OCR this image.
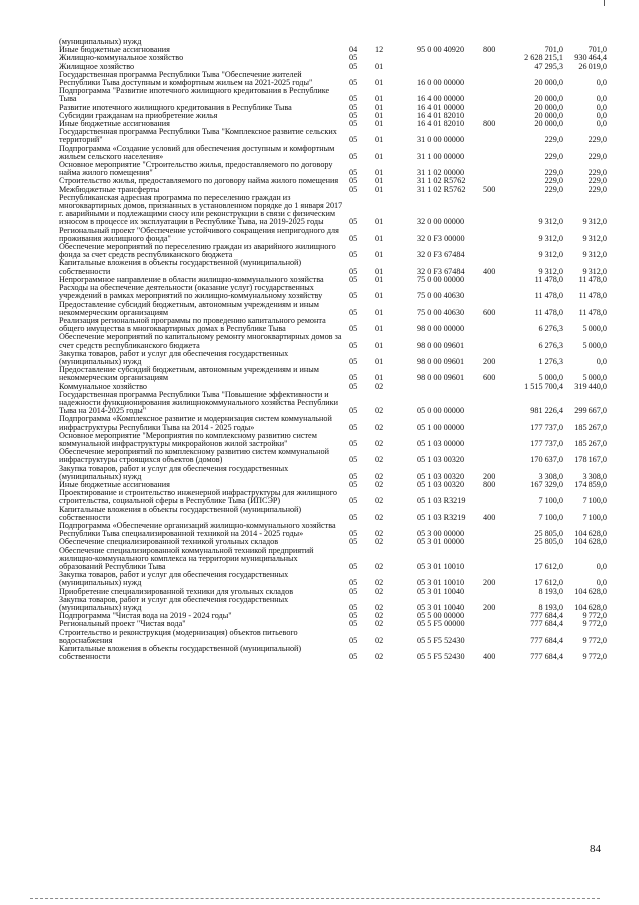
(муниципальных) нужд						
Иные бюджетные ассигнования	04	12	95 0 00 40920	800	701,0	701,0
Жилищно-коммунальное хозяйство	05				2 628 215,1	930 464,4
Жилищное хозяйство	05	01			47 295,3	26 019,0
Государственная программа Республики Тыва "Обеспечение жителей Республики Тыва доступным и комфортным жильем на 2021-2025 годы"	05	01	16 0 00 00000		20 000,0	0,0
Подпрограмма "Развитие ипотечного жилищного кредитования в Республике Тыва	05	01	16 4 00 00000		20 000,0	0,0
Развитие ипотечного жилищного кредитования в Республике Тыва	05	01	16 4 01 00000		20 000,0	0,0
Субсидии гражданам на приобретение жилья	05	01	16 4 01 82010		20 000,0	0,0
Иные бюджетные ассигнования	05	01	16 4 01 82010	800	20 000,0	0,0
Государственная программа Республики Тыва "Комплексное развитие сельских территорий"	05	01	31 0 00 00000		229,0	229,0
Подпрограмма «Создание условий для обеспечения доступным и комфортным жильем сельского населения»	05	01	31 1 00 00000		229,0	229,0
Основное мероприятие "Строительство жилья, предоставляемого по договору найма жилого помещения"	05	01	31 1 02 00000		229,0	229,0
Строительство жилья, предоставляемого по договору найма жилого помещения	05	01	31 1 02 R5762		229,0	229,0
Межбюджетные трансферты	05	01	31 1 02 R5762	500	229,0	229,0
Республиканская адресная программа по переселению граждан из многоквартирных домов, признанных в установленном порядке до 1 января 2017 г. аварийными и подлежащими сносу или реконструкции в связи с физическим износом в процессе их эксплуатации в Республике Тыва, на 2019-2025 годы	05	01	32 0 00 00000		9 312,0	9 312,0
Региональный проект "Обеспечение устойчивого сокращения непригодного для проживания жилищного фонда"	05	01	32 0 F3 00000		9 312,0	9 312,0
Обеспечение мероприятий по переселению граждан из аварийного жилищного фонда за счет средств республиканского бюджета	05	01	32 0 F3 67484		9 312,0	9 312,0
Капитальные вложения в объекты государственной (муниципальной) собственности	05	01	32 0 F3 67484	400	9 312,0	9 312,0
Непрограммное направление в области жилищно-коммунального хозяйства	05	01	75 0 00 00000		11 478,0	11 478,0
Расходы на обеспечение деятельности (оказание услуг) государственных учреждений в рамках мероприятий по жилищно-коммунальному хозяйству	05	01	75 0 00 40630		11 478,0	11 478,0
Предоставление субсидий бюджетным, автономным учреждениям и иным некоммерческим организациям	05	01	75 0 00 40630	600	11 478,0	11 478,0
Реализация региональной программы по проведению капитального ремонта общего имущества в многоквартирных домах в Республике Тыва	05	01	98 0 00 00000		6 276,3	5 000,0
Обеспечение мероприятий по капитальному ремонту многоквартирных домов за счет средств республиканского бюджета	05	01	98 0 00 09601		6 276,3	5 000,0
Закупка товаров, работ и услуг для обеспечения государственных (муниципальных) нужд	05	01	98 0 00 09601	200	1 276,3	0,0
Предоставление субсидий бюджетным, автономным учреждениям и иным некоммерческим организациям	05	01	98 0 00 09601	600	5 000,0	5 000,0
Коммунальное хозяйство	05	02			1 515 700,4	319 440,0
Государственная программа Республики Тыва "Повышение эффективности и надежности функционирования жилищнокоммунального хозяйства Республики Тыва на 2014-2025 годы"	05	02	05 0 00 00000		981 226,4	299 667,0
Подпрограмма «Комплексное развитие и модернизация систем коммунальной инфраструктуры Республики Тыва на 2014 - 2025 годы»	05	02	05 1 00 00000		177 737,0	185 267,0
Основное мероприятие "Мероприятия по комплексному развитию систем коммунальной инфраструктуры микрорайонов жилой застройки"	05	02	05 1 03 00000		177 737,0	185 267,0
Обеспечение мероприятий по комплексному развитию систем коммунальной инфраструктуры строящихся объектов (домов)	05	02	05 1 03 00320		170 637,0	178 167,0
Закупка товаров, работ и услуг для обеспечения государственных (муниципальных) нужд	05	02	05 1 03 00320	200	3 308,0	3 308,0
Иные бюджетные ассигнования	05	02	05 1 03 00320	800	167 329,0	174 859,0
Проектирование и строительство инженерной инфраструктуры для жилищного строительства, социальной сферы в Республике Тыва (ИПСЭР)	05	02	05 1 03 R3219		7 100,0	7 100,0
Капитальные вложения в объекты государственной (муниципальной) собственности	05	02	05 1 03 R3219	400	7 100,0	7 100,0
Подпрограмма «Обеспечение организаций жилищно-коммунального хозяйства Республики Тыва специализированной техникой на 2014 - 2025 годы»	05	02	05 3 00 00000		25 805,0	104 628,0
Обеспечение специализированной техникой угольных складов	05	02	05 3 01 00000		25 805,0	104 628,0
Обеспечение специализированной коммунальной техникой предприятий жилищно-коммунального комплекса на территории муниципальных образований Республики Тыва	05	02	05 3 01 10010		17 612,0	0,0
Закупка товаров, работ и услуг для обеспечения государственных (муниципальных) нужд	05	02	05 3 01 10010	200	17 612,0	0,0
Приобретение специализированной техники для угольных складов	05	02	05 3 01 10040		8 193,0	104 628,0
Закупка товаров, работ и услуг для обеспечения государственных (муниципальных) нужд	05	02	05 3 01 10040	200	8 193,0	104 628,0
Подпрограмма "Чистая вода на 2019 - 2024 годы"	05	02	05 5 00 00000		777 684,4	9 772,0
Региональный проект "Чистая вода"	05	02	05 5 F5 00000		777 684,4	9 772,0
Строительство и реконструкция (модернизация) объектов питьевого водоснабжения	05	02	05 5 F5 52430		777 684,4	9 772,0
Капитальные вложения в объекты государственной (муниципальной) собственности	05	02	05 5 F5 52430	400	777 684,4	9 772,0
84
